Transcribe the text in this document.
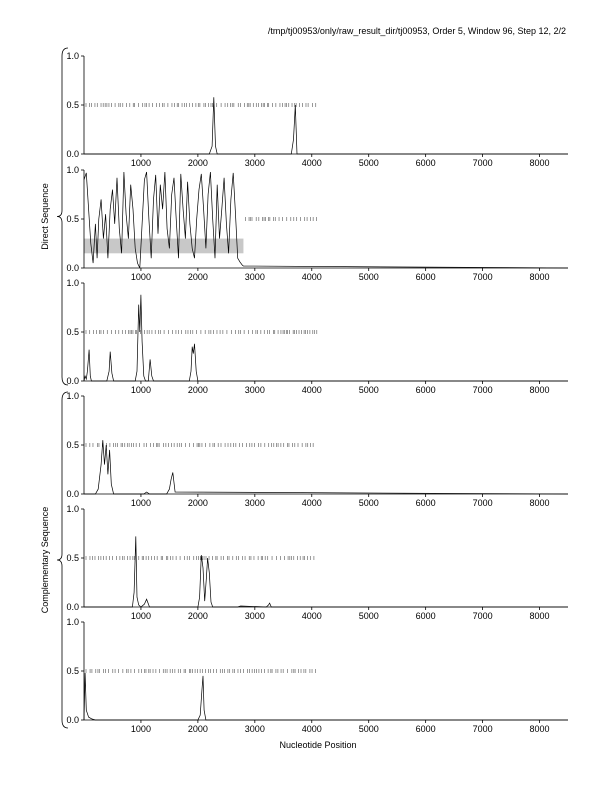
/tmp/tj00953/only/raw_result_dir/tj00953, Order 5, Window 96, Step 12, 2/2
0.0
0.5
1.0
1000	2000	3000	4000	5000	6000	7000	8000
0.0
0.5
1.0
1000	2000	3000	4000	5000	6000	7000	8000
0.0
0.5
1.0
1000	2000	3000	4000	5000	6000	7000	8000
0.0
0.5
1.0
1000	2000	3000	4000	5000	6000	7000	8000
0.0
0.5
1.0
1000	2000	3000	4000	5000	6000	7000	8000
0.0
0.5
1.0
1000	2000	3000	4000	5000	6000	7000	8000
Direct Sequence
Complementary Sequence
Nucleotide Position
